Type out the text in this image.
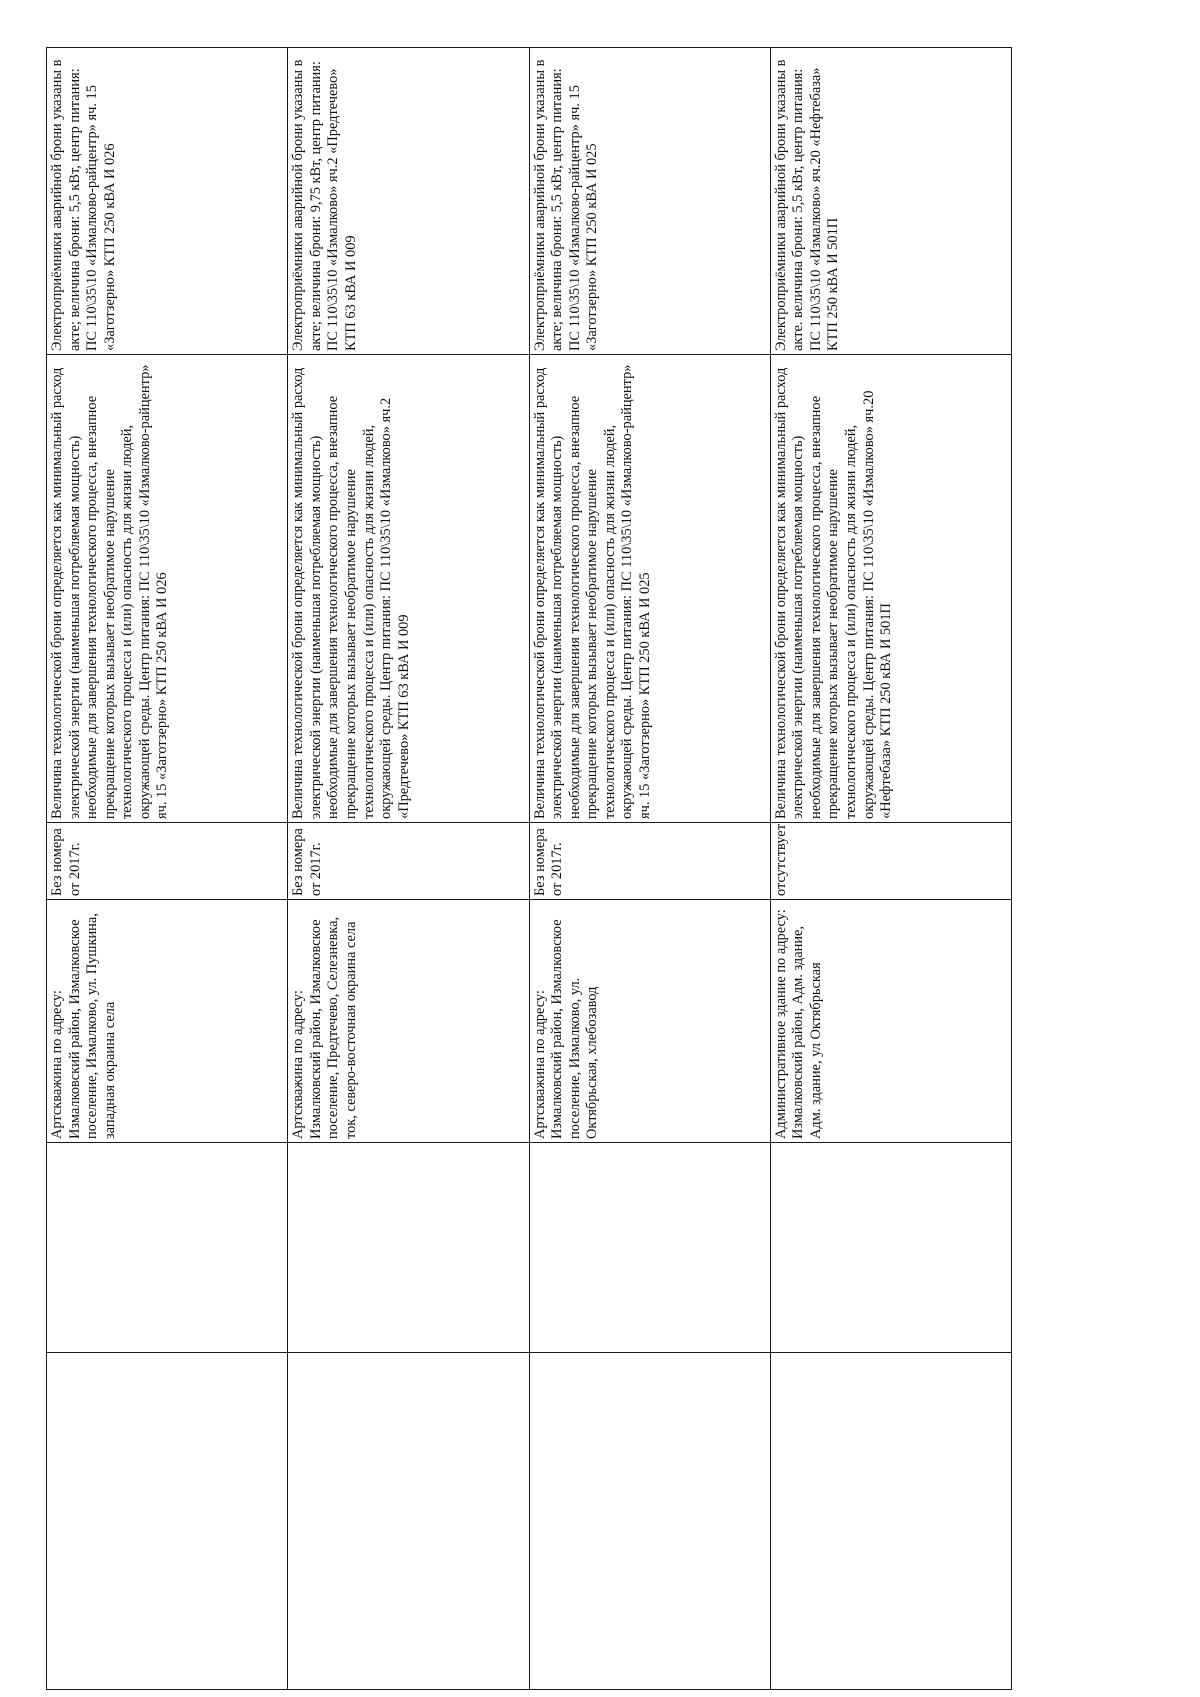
		Артскважина по адресу: Измалковский район, Измалковское поселение, Измалково, ул. Пушкина, западная окраина села	Без номера от 2017г.	Величина технологической брони определяется как минимальный расход электрической энергии (наименьшая потребляемая мощность) необходимые для завершения технологического процесса, внезапное прекращение которых вызывает необратимое нарушение технологического процесса и (или) опасность для жизни людей, окружающей среды. Центр питания: ПС 110\35\10 «Измалково-райцентр» яч. 15 «Заготзерно» КТП 250 кВА И 026	Электроприёмники аварийной брони указаны в акте; величина брони: 5,5 кВт, центр питания: ПС 110\35\10 «Измалково-райцентр» яч. 15 «Заготзерно» КТП 250 кВА И 026

		Артскважина по адресу: Измалковский район, Измалковское поселение, Предтечево, Селезневка, ток, северо-восточная окраина села	Без номера от 2017г.	Величина технологической брони определяется как минимальный расход электрической энергии (наименьшая потребляемая мощность) необходимые для завершения технологического процесса, внезапное прекращение которых вызывает необратимое нарушение технологического процесса и (или) опасность для жизни людей, окружающей среды. Центр питания: ПС 110\35\10 «Измалково» яч.2 «Предтечево» КТП 63 кВА И 009	Электроприёмники аварийной брони указаны в акте; величина брони: 9,75 кВт, центр питания: ПС 110\35\10 «Измалково» яч.2 «Предтечево» КТП 63 кВА И 009

		Артскважина по адресу: Измалковский район, Измалковское поселение, Измалково, ул. Октябрьская, хлебозавод	Без номера от 2017г.	Величина технологической брони определяется как минимальный расход электрической энергии (наименьшая потребляемая мощность) необходимые для завершения технологического процесса, внезапное прекращение которых вызывает необратимое нарушение технологического процесса и (или) опасность для жизни людей, окружающей среды. Центр питания: ПС 110\35\10 «Измалково-райцентр» яч. 15 «Заготзерно» КТП 250 кВА И 025	Электроприёмники аварийной брони указаны в акте; величина брони: 5,5 кВт, центр питания: ПС 110\35\10 «Измалково-райцентр» яч. 15 «Заготзерно» КТП 250 кВА И 025

		Административное здание по адресу: Измалковский район, Адм. здание, Адм. здание, ул Октябрьская	отсутствует	Величина технологической брони определяется как минимальный расход электрической энергии (наименьшая потребляемая мощность) необходимые для завершения технологического процесса, внезапное прекращение которых вызывает необратимое нарушение технологического процесса и (или) опасность для жизни людей, окружающей среды. Центр питания: ПС 110\35\10 «Измалково» яч.20 «Нефтебаза» КТП 250 кВА И 501П	Электроприёмники аварийной брони указаны в акте. величина брони: 5,5 кВт, центр питания: ПС 110\35\10 «Измалково» яч.20 «Нефтебаза» КТП 250 кВА И 501П
